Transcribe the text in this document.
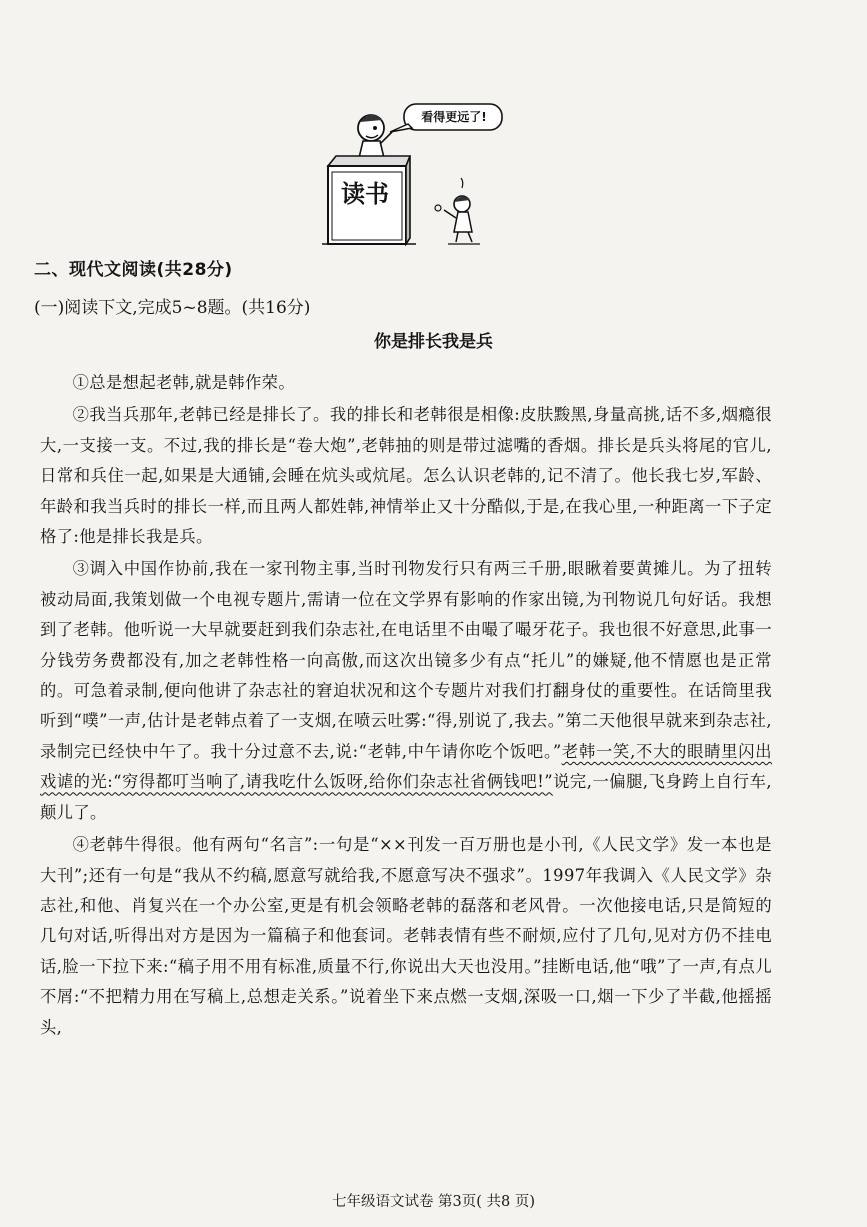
看得更远了!
读书
二、现代文阅读(共28分)
(一)阅读下文,完成5~8题。(共16分)
你是排长我是兵

①总是想起老韩,就是韩作荣。

②我当兵那年,老韩已经是排长了。我的排长和老韩很是相像:皮肤黢黑,身量高挑,话不多,烟瘾很大,一支接一支。不过,我的排长是“卷大炮”,老韩抽的则是带过滤嘴的香烟。排长是兵头将尾的官儿,日常和兵住一起,如果是大通铺,会睡在炕头或炕尾。怎么认识老韩的,记不清了。他长我七岁,军龄、年龄和我当兵时的排长一样,而且两人都姓韩,神情举止又十分酷似,于是,在我心里,一种距离一下子定格了:他是排长我是兵。

③调入中国作协前,我在一家刊物主事,当时刊物发行只有两三千册,眼瞅着要黄摊儿。为了扭转被动局面,我策划做一个电视专题片,需请一位在文学界有影响的作家出镜,为刊物说几句好话。我想到了老韩。他听说一大早就要赶到我们杂志社,在电话里不由嘬了嘬牙花子。我也很不好意思,此事一分钱劳务费都没有,加之老韩性格一向高傲,而这次出镜多少有点“托儿”的嫌疑,他不情愿也是正常的。可急着录制,便向他讲了杂志社的窘迫状况和这个专题片对我们打翻身仗的重要性。在话筒里我听到“噗”一声,估计是老韩点着了一支烟,在喷云吐雾:“得,别说了,我去。”第二天他很早就来到杂志社,录制完已经快中午了。我十分过意不去,说:“老韩,中午请你吃个饭吧。”老韩一笑,不大的眼睛里闪出戏谑的光:“穷得都叮当响了,请我吃什么饭呀,给你们杂志社省俩钱吧!”说完,一偏腿,飞身跨上自行车,颠儿了。

④老韩牛得很。他有两句“名言”:一句是“××刊发一百万册也是小刊,《人民文学》发一本也是大刊”;还有一句是“我从不约稿,愿意写就给我,不愿意写决不强求”。1997年我调入《人民文学》杂志社,和他、肖复兴在一个办公室,更是有机会领略老韩的磊落和老风骨。一次他接电话,只是简短的几句对话,听得出对方是因为一篇稿子和他套词。老韩表情有些不耐烦,应付了几句,见对方仍不挂电话,脸一下拉下来:“稿子用不用有标准,质量不行,你说出大天也没用。”挂断电话,他“哦”了一声,有点儿不屑:“不把精力用在写稿上,总想走关系。”说着坐下来点燃一支烟,深吸一口,烟一下少了半截,他摇摇头,

七年级语文试卷 第3页( 共8 页)
